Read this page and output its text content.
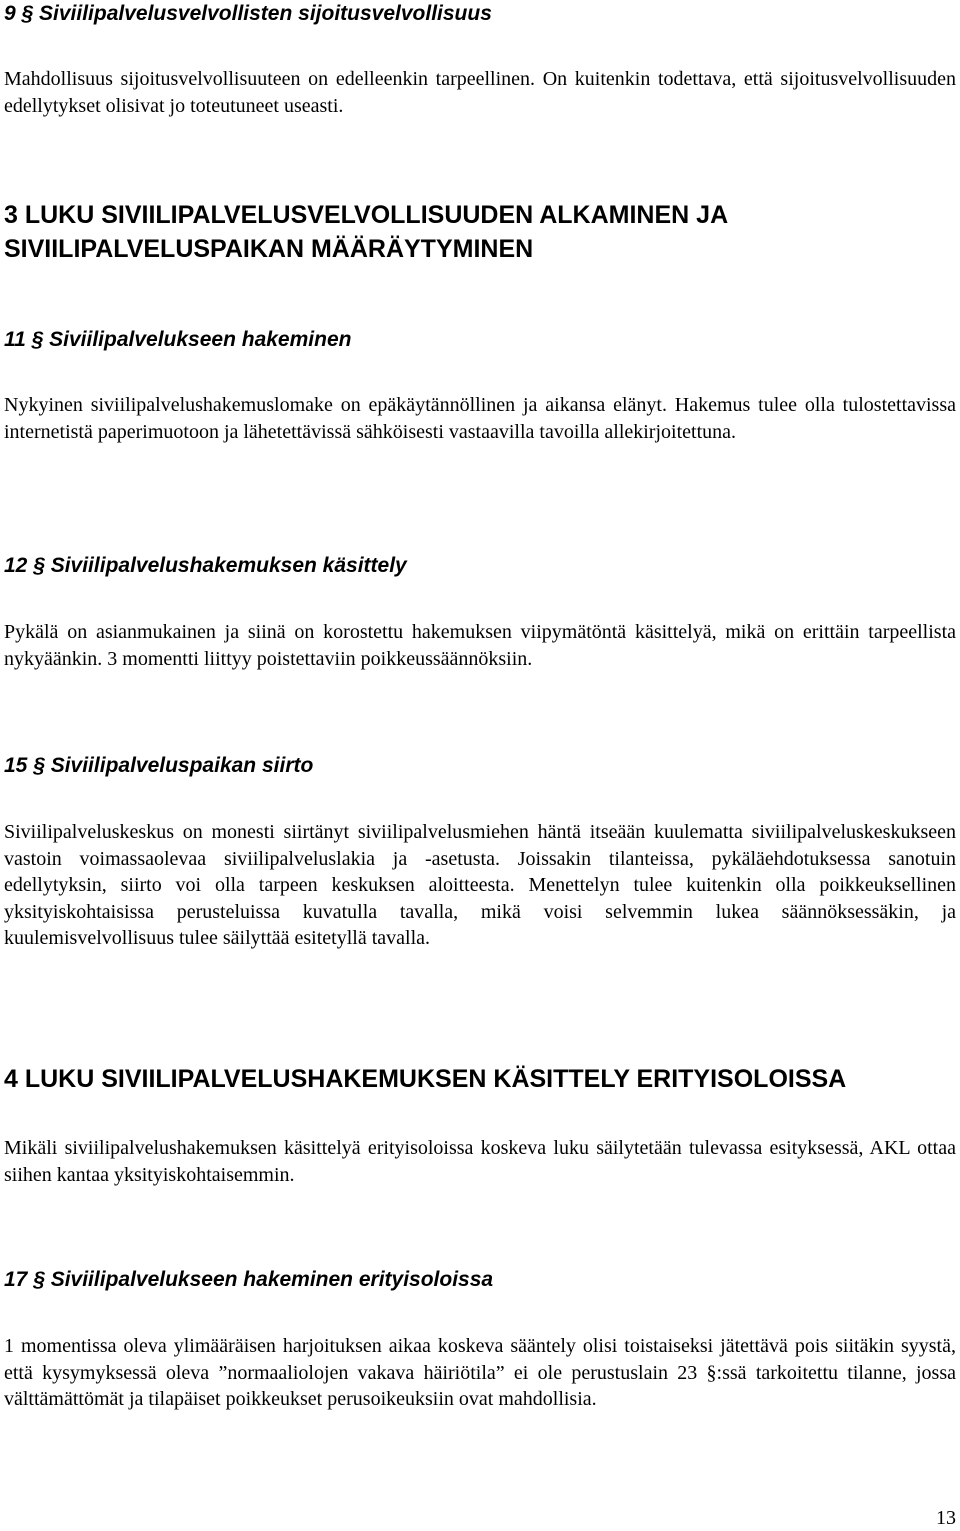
9 § Siviilipalvelusvelvollisten sijoitusvelvollisuus

Mahdollisuus sijoitusvelvollisuuteen on edelleenkin tarpeellinen. On kuitenkin todettava, että sijoitusvelvollisuuden edellytykset olisivat jo toteutuneet useasti.

3 LUKU SIVIILIPALVELUSVELVOLLISUUDEN ALKAMINEN JA
SIVIILIPALVELUSPAIKAN MÄÄRÄYTYMINEN
11 § Siviilipalvelukseen hakeminen

Nykyinen siviilipalvelushakemuslomake on epäkäytännöllinen ja aikansa elänyt. Hakemus tulee olla tulostettavissa internetistä paperimuotoon ja lähetettävissä sähköisesti vastaavilla tavoilla allekirjoitettuna.

12 § Siviilipalvelushakemuksen käsittely

Pykälä on asianmukainen ja siinä on korostettu hakemuksen viipymätöntä käsittelyä, mikä on erittäin tarpeellista nykyäänkin. 3 momentti liittyy poistettaviin poikkeussäännöksiin.

15 § Siviilipalveluspaikan siirto

Siviilipalveluskeskus on monesti siirtänyt siviilipalvelusmiehen häntä itseään kuulematta siviilipalveluskeskukseen vastoin voimassaolevaa siviilipalveluslakia ja -asetusta. Joissakin tilanteissa, pykäläehdotuksessa sanotuin edellytyksin, siirto voi olla tarpeen keskuksen aloitteesta. Menettelyn tulee kuitenkin olla poikkeuksellinen yksityiskohtaisissa perusteluissa kuvatulla tavalla, mikä voisi selvemmin lukea säännöksessäkin, ja kuulemisvelvollisuus tulee säilyttää esitetyllä tavalla.

4 LUKU SIVIILIPALVELUSHAKEMUKSEN KÄSITTELY ERITYISOLOISSA

Mikäli siviilipalvelushakemuksen käsittelyä erityisoloissa koskeva luku säilytetään tulevassa esityksessä, AKL ottaa siihen kantaa yksityiskohtaisemmin.

17 § Siviilipalvelukseen hakeminen erityisoloissa

1 momentissa oleva ylimääräisen harjoituksen aikaa koskeva sääntely olisi toistaiseksi jätettävä pois siitäkin syystä, että kysymyksessä oleva ”normaaliolojen vakava häiriötila” ei ole perustuslain 23 §:ssä tarkoitettu tilanne, jossa välttämättömät ja tilapäiset poikkeukset perusoikeuksiin ovat mahdollisia.

13
